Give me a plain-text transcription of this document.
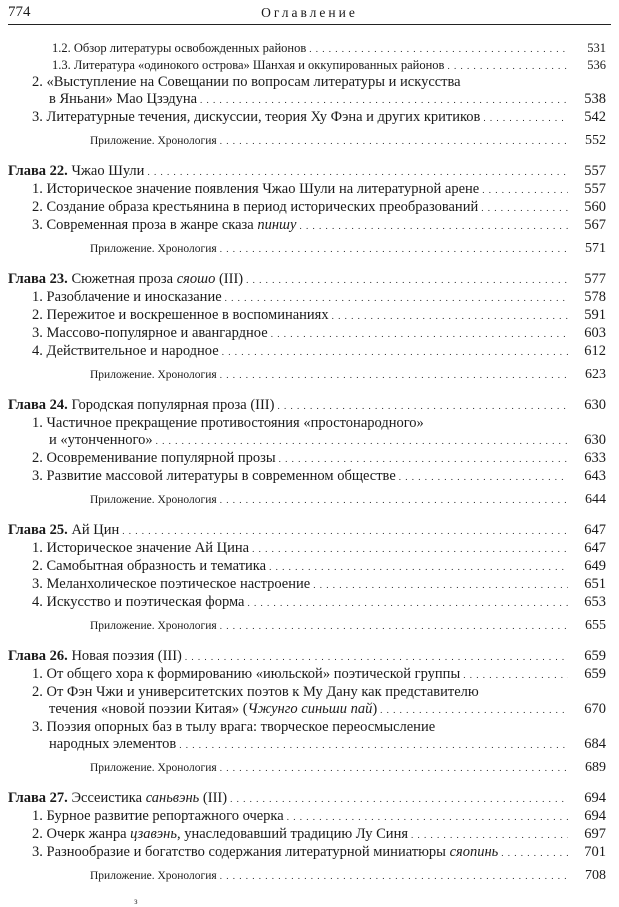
774	Оглавление
1.2. Обзор литературы освобожденных районов . . .	531
1.3. Литература «одинокого острова» Шанхая и оккупированных районов . . .	536
2. «Выступление на Совещании по вопросам литературы и искусства
в Яньани» Мао Цзэдуна . . .	538
3. Литературные течения, дискуссии, теория Ху Фэна и других критиков . . .	542
Приложение. Хронология . . .	552
Глава 22. Чжао Шули . . .	557
1. Историческое значение появления Чжао Шули на литературной арене . . .	557
2. Создание образа крестьянина в период исторических преобразований . . .	560
3. Современная проза в жанре сказа пиншу . . .	567
Приложение. Хронология . . .	571
Глава 23. Сюжетная проза сяошо (III) . . .	577
1. Разоблачение и иносказание . . .	578
2. Пережитое и воскрешенное в воспоминаниях . . .	591
3. Массово-популярное и авангардное . . .	603
4. Действительное и народное . . .	612
Приложение. Хронология . . .	623
Глава 24. Городская популярная проза (III) . . .	630
1. Частичное прекращение противостояния «простонародного»
и «утонченного» . . .	630
2. Осовременивание популярной прозы . . .	633
3. Развитие массовой литературы в современном обществе . . .	643
Приложение. Хронология . . .	644
Глава 25. Ай Цин . . .	647
1. Историческое значение Ай Цина . . .	647
2. Самобытная образность и тематика . . .	649
3. Меланхолическое поэтическое настроение . . .	651
4. Искусство и поэтическая форма . . .	653
Приложение. Хронология . . .	655
Глава 26. Новая поэзия (III) . . .	659
1. От общего хора к формированию «июльской» поэтической группы . . .	659
2. От Фэн Чжи и университетских поэтов к Му Дану как представителю
течения «новой поэзии Китая» (Чжунго синьши пай) . . .	670
3. Поэзия опорных баз в тылу врага: творческое переосмысление
народных элементов . . .	684
Приложение. Хронология . . .	689
Глава 27. Эссеистика саньвэнь (III) . . .	694
1. Бурное развитие репортажного очерка . . .	694
2. Очерк жанра цзавэнь, унаследовавший традицию Лу Синя . . .	697
3. Разнообразие и богатство содержания литературной миниатюры сяопинь . . .	701
Приложение. Хронология . . .	708
з
